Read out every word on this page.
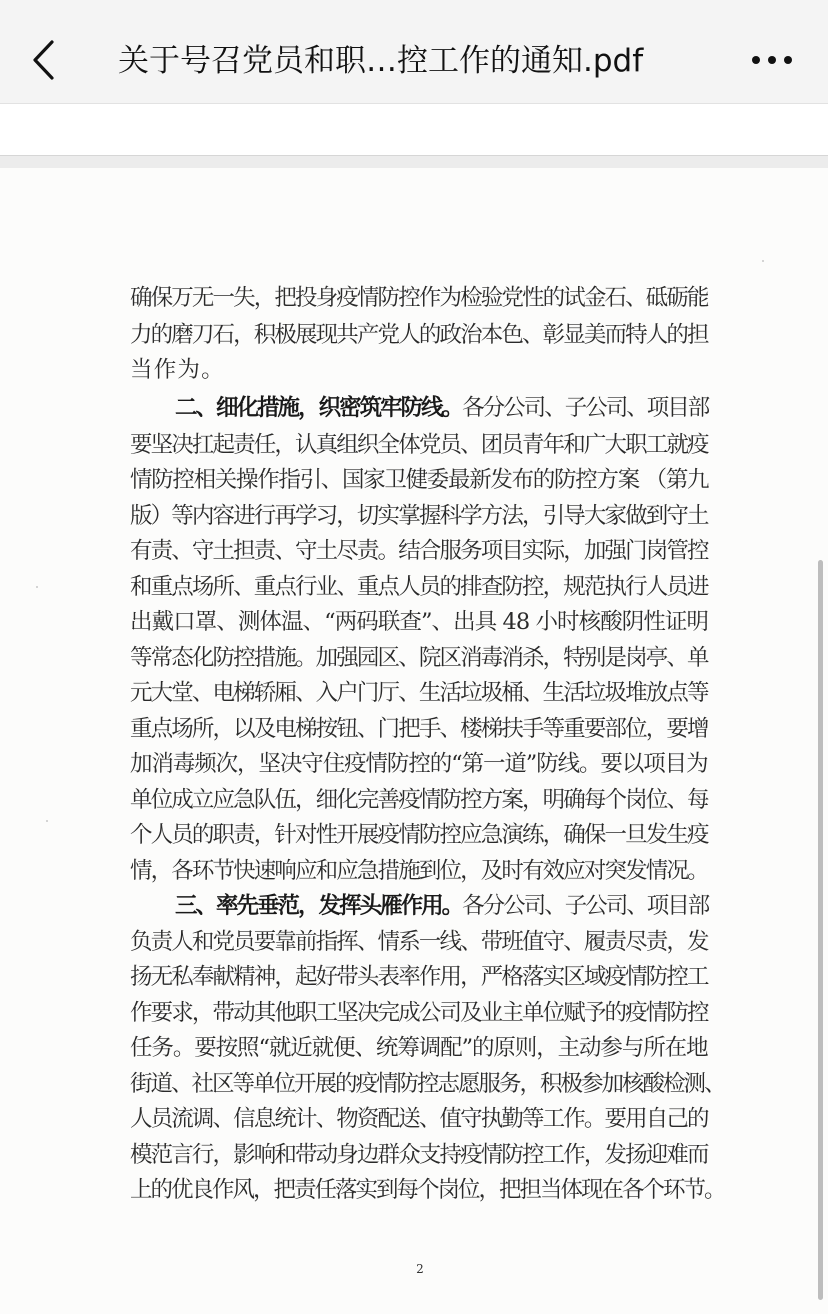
关于号召党员和职…控工作的通知.pdf
确保万无一失，把投身疫情防控作为检验党性的试金石、砥砺能
力的磨刀石，积极展现共产党人的政治本色、彰显美而特人的担
当作为。
二、细化措施，织密筑牢防线。各分公司、子公司、项目部
要坚决扛起责任，认真组织全体党员、团员青年和广大职工就疫
情防控相关操作指引、国家卫健委最新发布的防控方案 （第九
版）等内容进行再学习，切实掌握科学方法，引导大家做到守土
有责、守土担责、守土尽责。结合服务项目实际，加强门岗管控
和重点场所、重点行业、重点人员的排查防控，规范执行人员进
出戴口罩、测体温、“两码联查”、出具 48 小时核酸阴性证明
等常态化防控措施。加强园区、院区消毒消杀，特别是岗亭、单
元大堂、电梯轿厢、入户门厅、生活垃圾桶、生活垃圾堆放点等
重点场所，以及电梯按钮、门把手、楼梯扶手等重要部位，要增
加消毒频次，坚决守住疫情防控的“第一道”防线。要以项目为
单位成立应急队伍，细化完善疫情防控方案，明确每个岗位、每
个人员的职责，针对性开展疫情防控应急演练，确保一旦发生疫
情，各环节快速响应和应急措施到位，及时有效应对突发情况。
三、率先垂范，发挥头雁作用。各分公司、子公司、项目部
负责人和党员要靠前指挥、情系一线、带班值守、履责尽责，发
扬无私奉献精神，起好带头表率作用，严格落实区域疫情防控工
作要求，带动其他职工坚决完成公司及业主单位赋予的疫情防控
任务。要按照“就近就便、统筹调配”的原则，主动参与所在地
街道、社区等单位开展的疫情防控志愿服务，积极参加核酸检测、
人员流调、信息统计、物资配送、值守执勤等工作。要用自己的
模范言行，影响和带动身边群众支持疫情防控工作，发扬迎难而
上的优良作风，把责任落实到每个岗位，把担当体现在各个环节。
2
